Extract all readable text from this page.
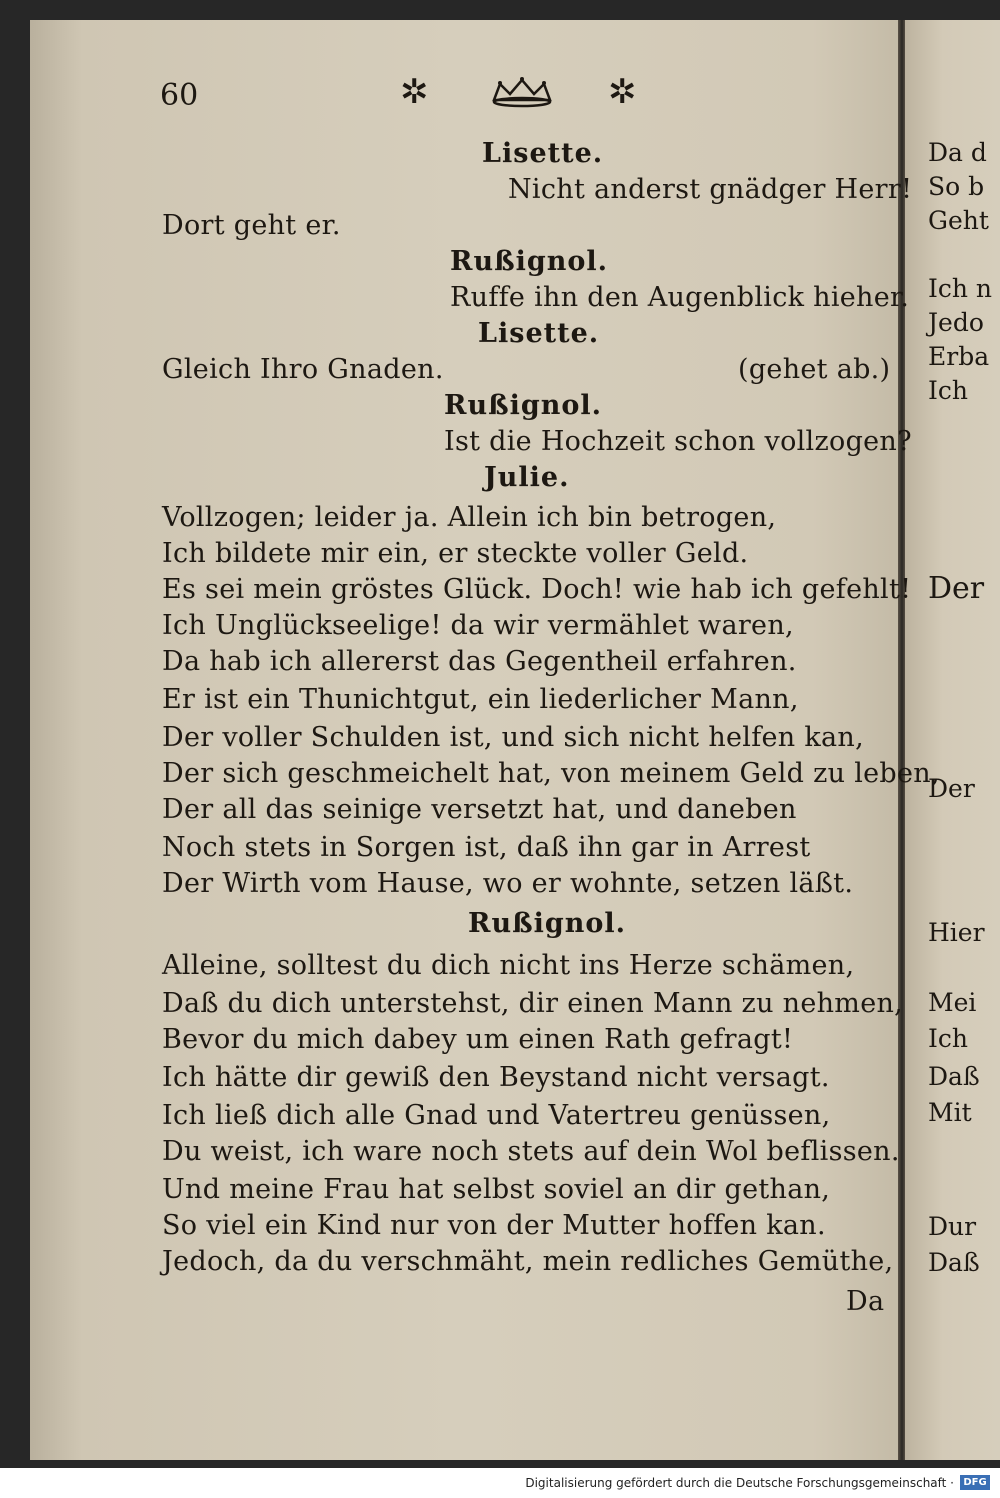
60	✲	✲
Lisette.
Nicht anderst gnädger Herr!
Dort geht er.
Rußignol.
Ruffe ihn den Augenblick hieher.
Lisette.
Gleich Ihro Gnaden.	(gehet ab.)
Rußignol.
Ist die Hochzeit schon vollzogen?
Julie.
Vollzogen; leider ja. Allein ich bin betrogen,
Ich bildete mir ein, er steckte voller Geld.
Es sei mein gröstes Glück. Doch! wie hab ich gefehlt!
Ich Unglückseelige! da wir vermählet waren,
Da hab ich allererst das Gegentheil erfahren.
Er ist ein Thunichtgut, ein liederlicher Mann,
Der voller Schulden ist, und sich nicht helfen kan,
Der sich geschmeichelt hat, von meinem Geld zu leben,
Der all das seinige versetzt hat, und daneben
Noch stets in Sorgen ist, daß ihn gar in Arrest
Der Wirth vom Hause, wo er wohnte, setzen läßt.
Rußignol.
Alleine, solltest du dich nicht ins Herze schämen,
Daß du dich unterstehst, dir einen Mann zu nehmen,
Bevor du mich dabey um einen Rath gefragt!
Ich hätte dir gewiß den Beystand nicht versagt.
Ich ließ dich alle Gnad und Vatertreu genüssen,
Du weist, ich ware noch stets auf dein Wol beflissen.
Und meine Frau hat selbst soviel an dir gethan,
So viel ein Kind nur von der Mutter hoffen kan.
Jedoch, da du verschmäht, mein redliches Gemüthe,
Da
Da d
So b
Geht
Ich n
Jedo
Erba
Ich
Der
Der
Hier
Mei
Ich
Daß
Mit
Dur
Daß
Digitalisierung gefördert durch die Deutsche Forschungsgemeinschaft · DFG
